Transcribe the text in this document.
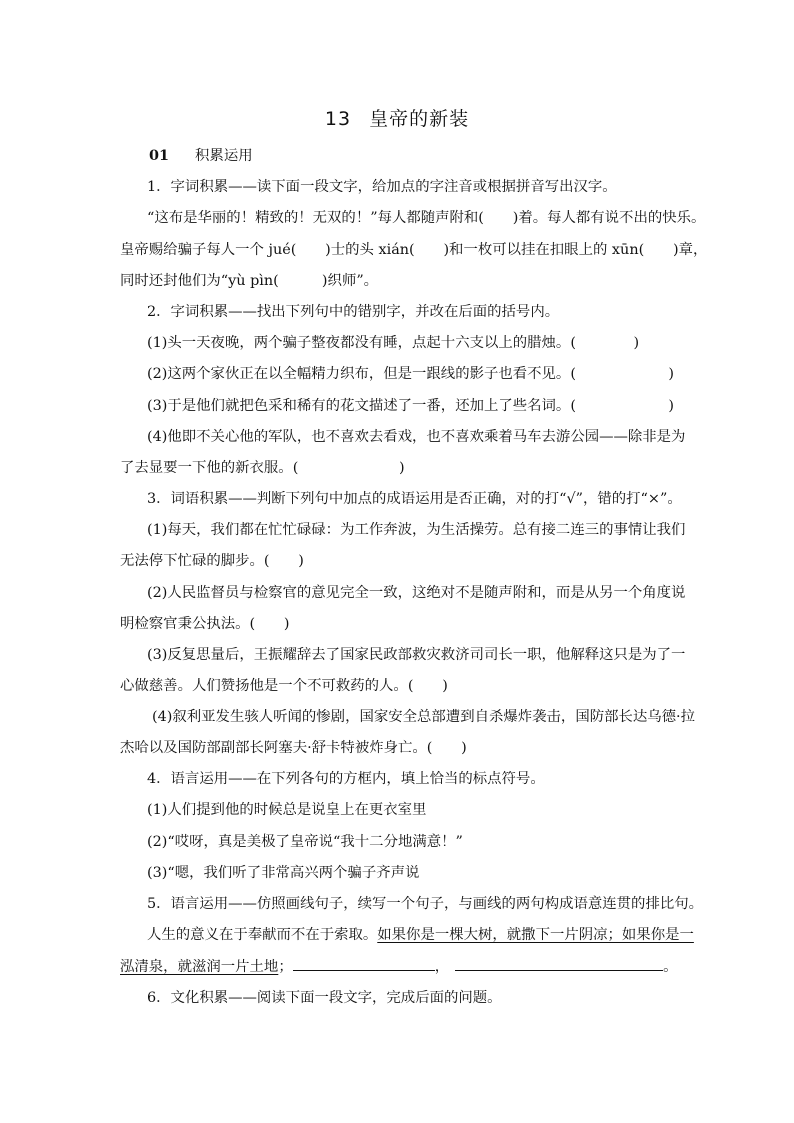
13 皇帝的新装
01 积累运用
1．字词积累——读下面一段文字，给加点的字注音或根据拼音写出汉字。
“这布是华丽的！精致的！无双的！”每人都随声附和(　　)着。每人都有说不出的快乐。
皇帝赐给骗子每人一个 jué(　　)士的头 xián(　　)和一枚可以挂在扣眼上的 xūn(　　)章，
同时还封他们为“yù pìn(　　　)织师”。
2．字词积累——找出下列句中的错别字，并改在后面的括号内。
(1)头一天夜晚，两个骗子整夜都没有睡，点起十六支以上的腊烛。(　　　　)
(2)这两个家伙正在以全幅精力织布，但是一跟线的影子也看不见。(	)
(3)于是他们就把色采和稀有的花文描述了一番，还加上了些名词。(	)
(4)他即不关心他的军队，也不喜欢去看戏，也不喜欢乘着马车去游公园——除非是为
了去显要一下他的新衣服。(　　　　　　　)
3．词语积累——判断下列句中加点的成语运用是否正确，对的打“√”，错的打“×”。
(1)每天，我们都在忙忙碌碌：为工作奔波，为生活操劳。总有接二连三的事情让我们
无法停下忙碌的脚步。(　　)
(2)人民监督员与检察官的意见完全一致，这绝对不是随声附和，而是从另一个角度说
明检察官秉公执法。(　　)
(3)反复思量后，王振耀辞去了国家民政部救灾救济司司长一职，他解释这只是为了一
心做慈善。人们赞扬他是一个不可救药的人。(　　)
(4)叙利亚发生骇人听闻的惨剧，国家安全总部遭到自杀爆炸袭击，国防部长达乌德·拉
杰哈以及国防部副部长阿塞夫·舒卡特被炸身亡。(　　)
4．语言运用——在下列各句的方框内，填上恰当的标点符号。
(1)人们提到他的时候总是说皇上在更衣室里
(2)“哎呀，真是美极了皇帝说“我十二分地满意！”
(3)“嗯，我们听了非常高兴两个骗子齐声说
5．语言运用——仿照画线句子，续写一个句子，与画线的两句构成语意连贯的排比句。
人生的意义在于奉献而不在于索取。如果你是一棵大树，就撒下一片阴凉；如果你是一
泓清泉，就滋润一片土地；	，	。
6．文化积累——阅读下面一段文字，完成后面的问题。
